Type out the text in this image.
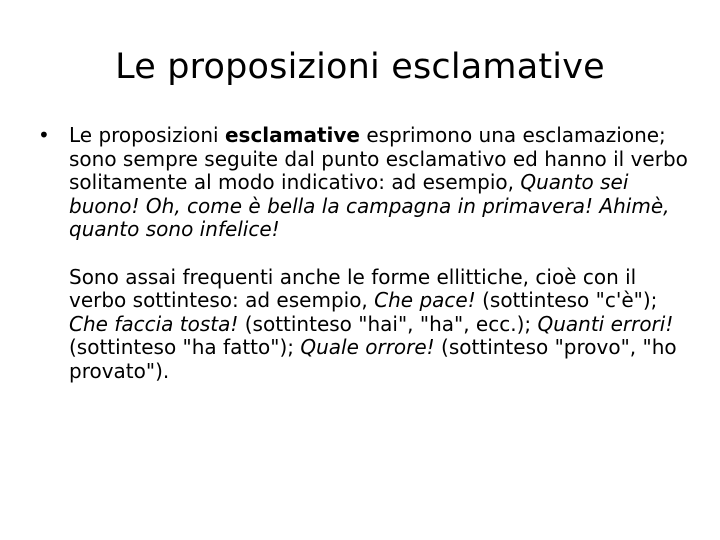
Le proposizioni esclamative
• Le proposizioni esclamative esprimono una esclamazione; sono sempre seguite dal punto esclamativo ed hanno il verbo solitamente al modo indicativo: ad esempio, Quanto sei buono! Oh, come è bella la campagna in primavera! Ahimè, quanto sono infelice!

Sono assai frequenti anche le forme ellittiche, cioè con il verbo sottinteso: ad esempio, Che pace! (sottinteso "c'è"); Che faccia tosta! (sottinteso "hai", "ha", ecc.); Quanti errori! (sottinteso "ha fatto"); Quale orrore! (sottinteso "provo", "ho provato").
